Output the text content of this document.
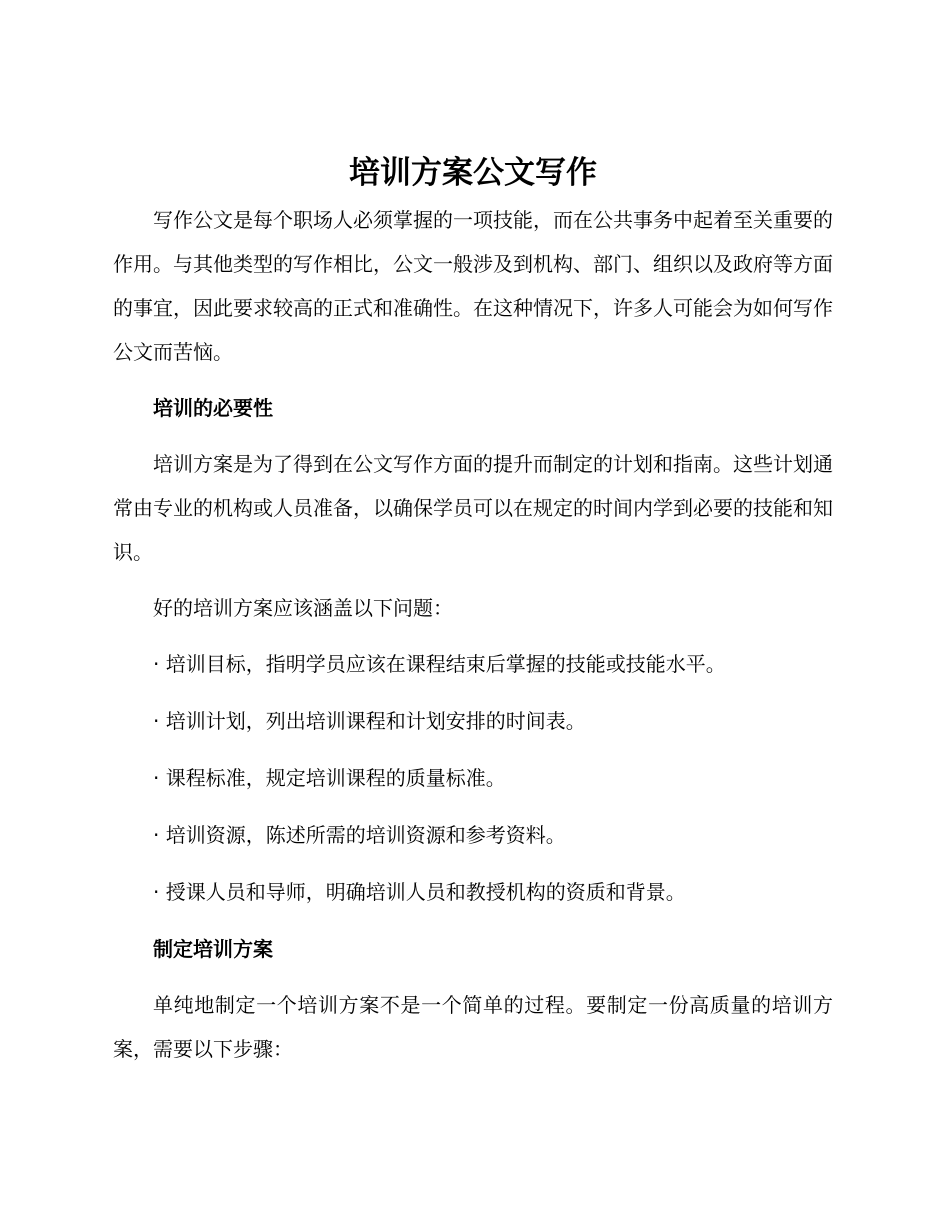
培训方案公文写作

写作公文是每个职场人必须掌握的一项技能，而在公共事务中起着至关重要的作用。与其他类型的写作相比，公文一般涉及到机构、部门、组织以及政府等方面的事宜，因此要求较高的正式和准确性。在这种情况下，许多人可能会为如何写作公文而苦恼。

培训的必要性

培训方案是为了得到在公文写作方面的提升而制定的计划和指南。这些计划通常由专业的机构或人员准备，以确保学员可以在规定的时间内学到必要的技能和知识。

好的培训方案应该涵盖以下问题：

· 培训目标，指明学员应该在课程结束后掌握的技能或技能水平。

· 培训计划，列出培训课程和计划安排的时间表。

· 课程标准，规定培训课程的质量标准。

· 培训资源，陈述所需的培训资源和参考资料。

· 授课人员和导师，明确培训人员和教授机构的资质和背景。

制定培训方案

单纯地制定一个培训方案不是一个简单的过程。要制定一份高质量的培训方案，需要以下步骤：
